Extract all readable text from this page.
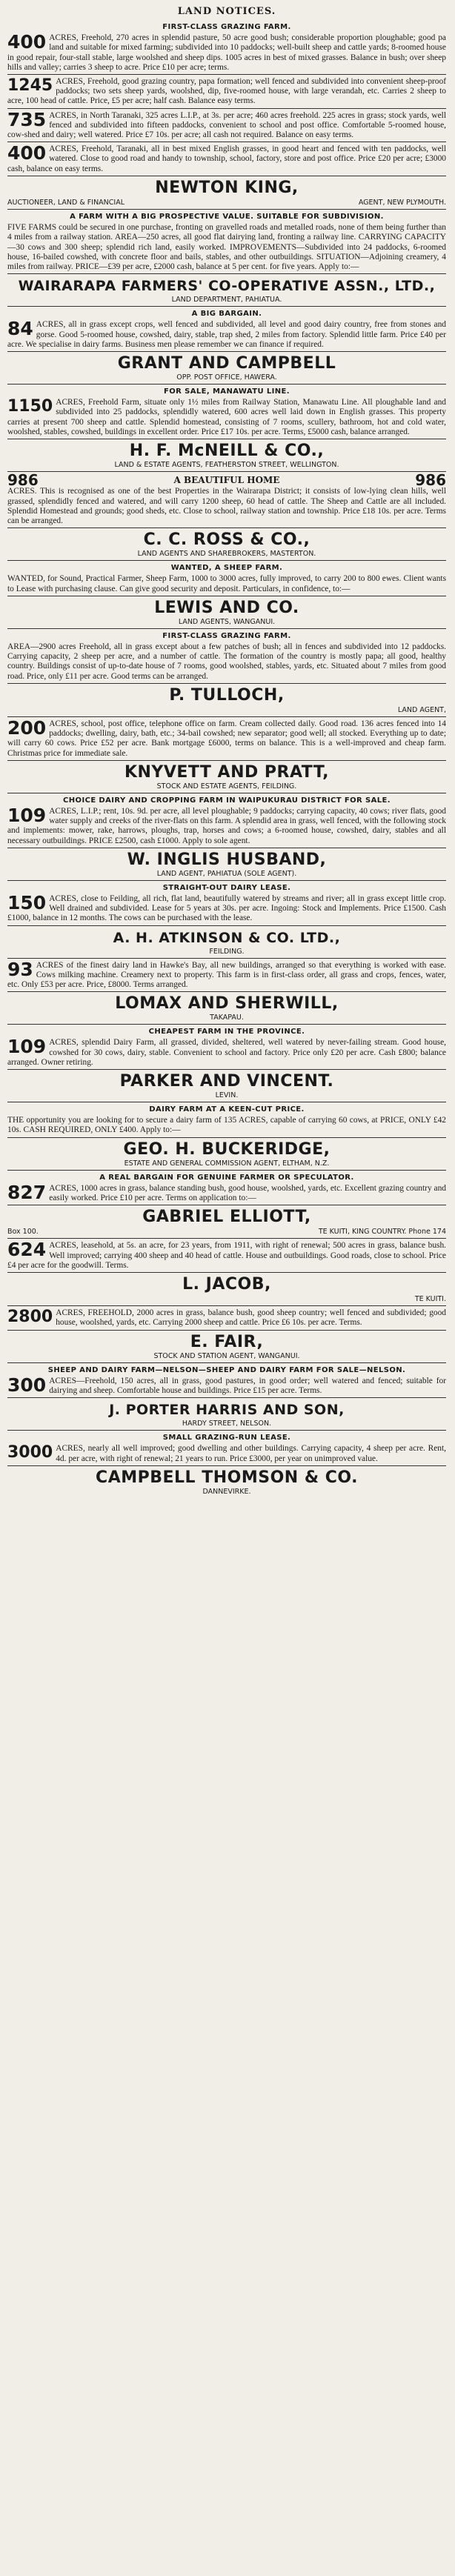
LAND NOTICES.
FIRST-CLASS GRAZING FARM.

400 ACRES, Freehold, 270 acres in splendid pasture, 50 acre good bush; considerable proportion ploughable; good pa land and suitable for mixed farming; subdivided into 10 paddocks; well-built sheep and cattle yards; 8-roomed house in good repair, four-stall stable, large woolshed and sheep dips. 1005 acres in best of mixed grasses. Balance in bush; over sheep hills and valley; carries 3 sheep to acre. Price £10 per acre; terms.

1245 ACRES, Freehold, good grazing country, papa formation; well fenced and subdivided into convenient sheep-proof paddocks; two sets sheep yards, woolshed, dip, five-roomed house, with large verandah, etc. Carries 2 sheep to acre, 100 head of cattle. Price, £5 per acre; half cash. Balance easy terms.

735 ACRES, in North Taranaki, 325 acres L.I.P., at 3s. per acre; 460 acres freehold. 225 acres in grass; stock yards, well fenced and subdivided into fifteen paddocks, convenient to school and post office. Comfortable 5-roomed house, cow-shed and dairy; well watered. Price £7 10s. per acre; all cash not required. Balance on easy terms.

400 ACRES, Freehold, Taranaki, all in best mixed English grasses, in good heart and fenced with ten paddocks, well watered. Close to good road and handy to township, school, factory, store and post office. Price £20 per acre; £3000 cash, balance on easy terms.

NEWTON KING,
AUCTIONEER, LAND & FINANCIAL	AGENT, NEW PLYMOUTH.
A FARM WITH A BIG PROSPECTIVE VALUE. SUITABLE FOR SUBDIVISION.

FIVE FARMS could be secured in one purchase, fronting on gravelled roads and metalled roads, none of them being further than 4 miles from a railway station. AREA—250 acres, all good flat dairying land, fronting a railway line. CARRYING CAPACITY—30 cows and 300 sheep; splendid rich land, easily worked. IMPROVEMENTS—Subdivided into 24 paddocks, 6-roomed house, 16-bailed cowshed, with concrete floor and bails, stables, and other outbuildings. SITUATION—Adjoining creamery, 4 miles from railway. PRICE—£39 per acre, £2000 cash, balance at 5 per cent. for five years. Apply to:—

WAIRARAPA FARMERS' CO-OPERATIVE ASSN., LTD.,
LAND DEPARTMENT, PAHIATUA.
A BIG BARGAIN.

84 ACRES, all in grass except crops, well fenced and subdivided, all level and good dairy country, free from stones and gorse. Good 5-roomed house, cowshed, dairy, stable, trap shed, 2 miles from factory. Splendid little farm. Price £40 per acre. We specialise in dairy farms. Business men please remember we can finance if required.

GRANT AND CAMPBELL
OPP. POST OFFICE, HAWERA.
FOR SALE, MANAWATU LINE.

1150 ACRES, Freehold Farm, situate only 1½ miles from Railway Station, Manawatu Line. All ploughable land and subdivided into 25 paddocks, splendidly watered, 600 acres well laid down in English grasses. This property carries at present 700 sheep and cattle. Splendid homestead, consisting of 7 rooms, scullery, bathroom, hot and cold water, woolshed, stables, cowshed, buildings in excellent order. Price £17 10s. per acre. Terms, £5000 cash, balance arranged.

H. F. McNEILL & CO.,
LAND & ESTATE AGENTS, FEATHERSTON STREET, WELLINGTON.
986	A BEAUTIFUL HOME	986

ACRES. This is recognised as one of the best Properties in the Wairarapa District; it consists of low-lying clean hills, well grassed, splendidly fenced and watered, and will carry 1200 sheep, 60 head of cattle. The Sheep and Cattle are all included. Splendid Homestead and grounds; good sheds, etc. Close to school, railway station and township. Price £18 10s. per acre. Terms can be arranged.

C. C. ROSS & CO.,
LAND AGENTS AND SHAREBROKERS, MASTERTON.
WANTED, A SHEEP FARM.

WANTED, for Sound, Practical Farmer, Sheep Farm, 1000 to 3000 acres, fully improved, to carry 200 to 800 ewes. Client wants to Lease with purchasing clause. Can give good security and deposit. Particulars, in confidence, to:—

LEWIS AND CO.
LAND AGENTS, WANGANUI.
FIRST-CLASS GRAZING FARM.

AREA—2900 acres Freehold, all in grass except about a few patches of bush; all in fences and subdivided into 12 paddocks. Carrying capacity, 2 sheep per acre, and a number of cattle. The formation of the country is mostly papa; all good, healthy country. Buildings consist of up-to-date house of 7 rooms, good woolshed, stables, yards, etc. Situated about 7 miles from good road. Price, only £11 per acre. Good terms can be arranged.

P. TULLOCH,
LAND AGENT,

200 ACRES, school, post office, telephone office on farm. Cream collected daily. Good road. 136 acres fenced into 14 paddocks; dwelling, dairy, bath, etc.; 34-bail cowshed; new separator; good well; all stocked. Everything up to date; will carry 60 cows. Price £52 per acre. Bank mortgage £6000, terms on balance. This is a well-improved and cheap farm. Christmas price for immediate sale.

KNYVETT AND PRATT,
STOCK AND ESTATE AGENTS, FEILDING.
CHOICE DAIRY AND CROPPING FARM IN WAIPUKURAU DISTRICT FOR SALE.

109 ACRES, L.I.P.; rent, 10s. 9d. per acre, all level ploughable; 9 paddocks; carrying capacity, 40 cows; river flats, good water supply and creeks of the river-flats on this farm. A splendid area in grass, well fenced, with the following stock and implements: mower, rake, harrows, ploughs, trap, horses and cows; a 6-roomed house, cowshed, dairy, stables and all necessary outbuildings. PRICE £2500, cash £1000. Apply to sole agent.

W. INGLIS HUSBAND,
LAND AGENT, PAHIATUA (SOLE AGENT).
STRAIGHT-OUT DAIRY LEASE.

150 ACRES, close to Feilding, all rich, flat land, beautifully watered by streams and river; all in grass except little crop. Well drained and subdivided. Lease for 5 years at 30s. per acre. Ingoing: Stock and Implements. Price £1500. Cash £1000, balance in 12 months. The cows can be purchased with the lease.

A. H. ATKINSON & CO. LTD.,
FEILDING.

93 ACRES of the finest dairy land in Hawke's Bay, all new buildings, arranged so that everything is worked with ease. Cows milking machine. Creamery next to property. This farm is in first-class order, all grass and crops, fences, water, etc. Only £53 per acre. Price, £8000. Terms arranged.

LOMAX AND SHERWILL,
TAKAPAU.
CHEAPEST FARM IN THE PROVINCE.

109 ACRES, splendid Dairy Farm, all grassed, divided, sheltered, well watered by never-failing stream. Good house, cowshed for 30 cows, dairy, stable. Convenient to school and factory. Price only £20 per acre. Cash £800; balance arranged. Owner retiring.

PARKER AND VINCENT.
LEVIN.
DAIRY FARM AT A KEEN-CUT PRICE.

THE opportunity you are looking for to secure a dairy farm of 135 ACRES, capable of carrying 60 cows, at PRICE, ONLY £42 10s. CASH REQUIRED, ONLY £400. Apply to:—

GEO. H. BUCKERIDGE,
ESTATE AND GENERAL COMMISSION AGENT, ELTHAM, N.Z.
A REAL BARGAIN FOR GENUINE FARMER OR SPECULATOR.

827 ACRES, 1000 acres in grass, balance standing bush, good house, woolshed, yards, etc. Excellent grazing country and easily worked. Price £10 per acre. Terms on application to:—

GABRIEL ELLIOTT,
Box 100.	TE KUITI, KING COUNTRY. Phone 174

624 ACRES, leasehold, at 5s. an acre, for 23 years, from 1911, with right of renewal; 500 acres in grass, balance bush. Well improved; carrying 400 sheep and 40 head of cattle. House and outbuildings. Good roads, close to school. Price £4 per acre for the goodwill. Terms.

L. JACOB,
TE KUITI.

2800 ACRES, FREEHOLD, 2000 acres in grass, balance bush, good sheep country; well fenced and subdivided; good house, woolshed, yards, etc. Carrying 2000 sheep and cattle. Price £6 10s. per acre. Terms.

E. FAIR,
STOCK AND STATION AGENT, WANGANUI.
SHEEP AND DAIRY FARM—NELSON—SHEEP AND DAIRY FARM FOR SALE—NELSON.

300 ACRES—Freehold, 150 acres, all in grass, good pastures, in good order; well watered and fenced; suitable for dairying and sheep. Comfortable house and buildings. Price £15 per acre. Terms.

J. PORTER HARRIS AND SON,
HARDY STREET, NELSON.
SMALL GRAZING-RUN LEASE.

3000 ACRES, nearly all well improved; good dwelling and other buildings. Carrying capacity, 4 sheep per acre. Rent, 4d. per acre, with right of renewal; 21 years to run. Price £3000, per year on unimproved value.

CAMPBELL THOMSON & CO.
DANNEVIRKE.
